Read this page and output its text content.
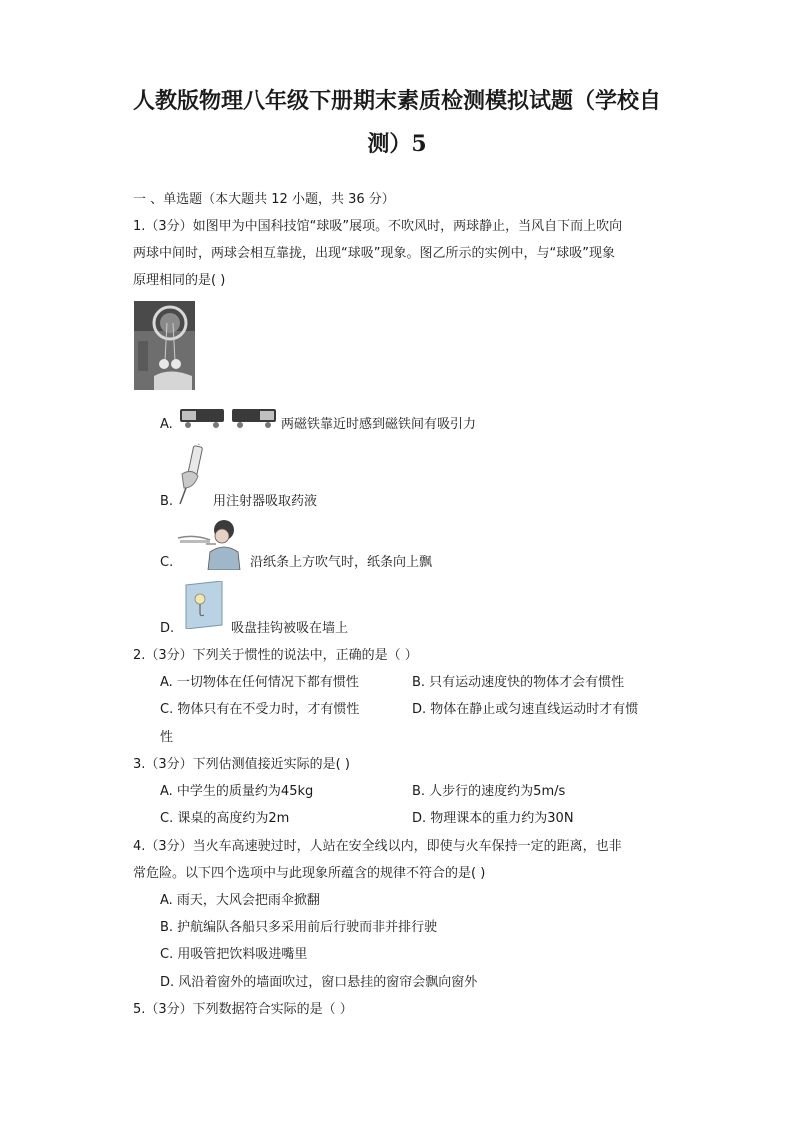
人教版物理八年级下册期末素质检测模拟试题（学校自
测）5
一 、单选题（本大题共 12 小题，共 36 分）
1.（3分）如图甲为中国科技馆“球吸”展项。不吹风时，两球静止，当风自下而上吹向
两球中间时，两球会相互靠拢，出现“球吸”现象。图乙所示的实例中，与“球吸”现象
原理相同的是( )
A.	两磁铁靠近时感到磁铁间有吸引力
B.	用注射器吸取药液
C.	沿纸条上方吹气时，纸条向上飘
D.	吸盘挂钩被吸在墙上
2.（3分）下列关于惯性的说法中，正确的是（ ）
A. 一切物体在任何情况下都有惯性	B. 只有运动速度快的物体才会有惯性
C. 物体只有在不受力时，才有惯性	D. 物体在静止或匀速直线运动时才有惯
性
3.（3分）下列估测值接近实际的是( )
A. 中学生的质量约为45kg	B. 人步行的速度约为5m/s
C. 课桌的高度约为2m	D. 物理课本的重力约为30N
4.（3分）当火车高速驶过时，人站在安全线以内，即使与火车保持一定的距离，也非
常危险。以下四个选项中与此现象所蕴含的规律不符合的是( )
A. 雨天，大风会把雨伞掀翻
B. 护航编队各船只多采用前后行驶而非并排行驶
C. 用吸管把饮料吸进嘴里
D. 风沿着窗外的墙面吹过，窗口悬挂的窗帘会飘向窗外
5.（3分）下列数据符合实际的是（ ）
